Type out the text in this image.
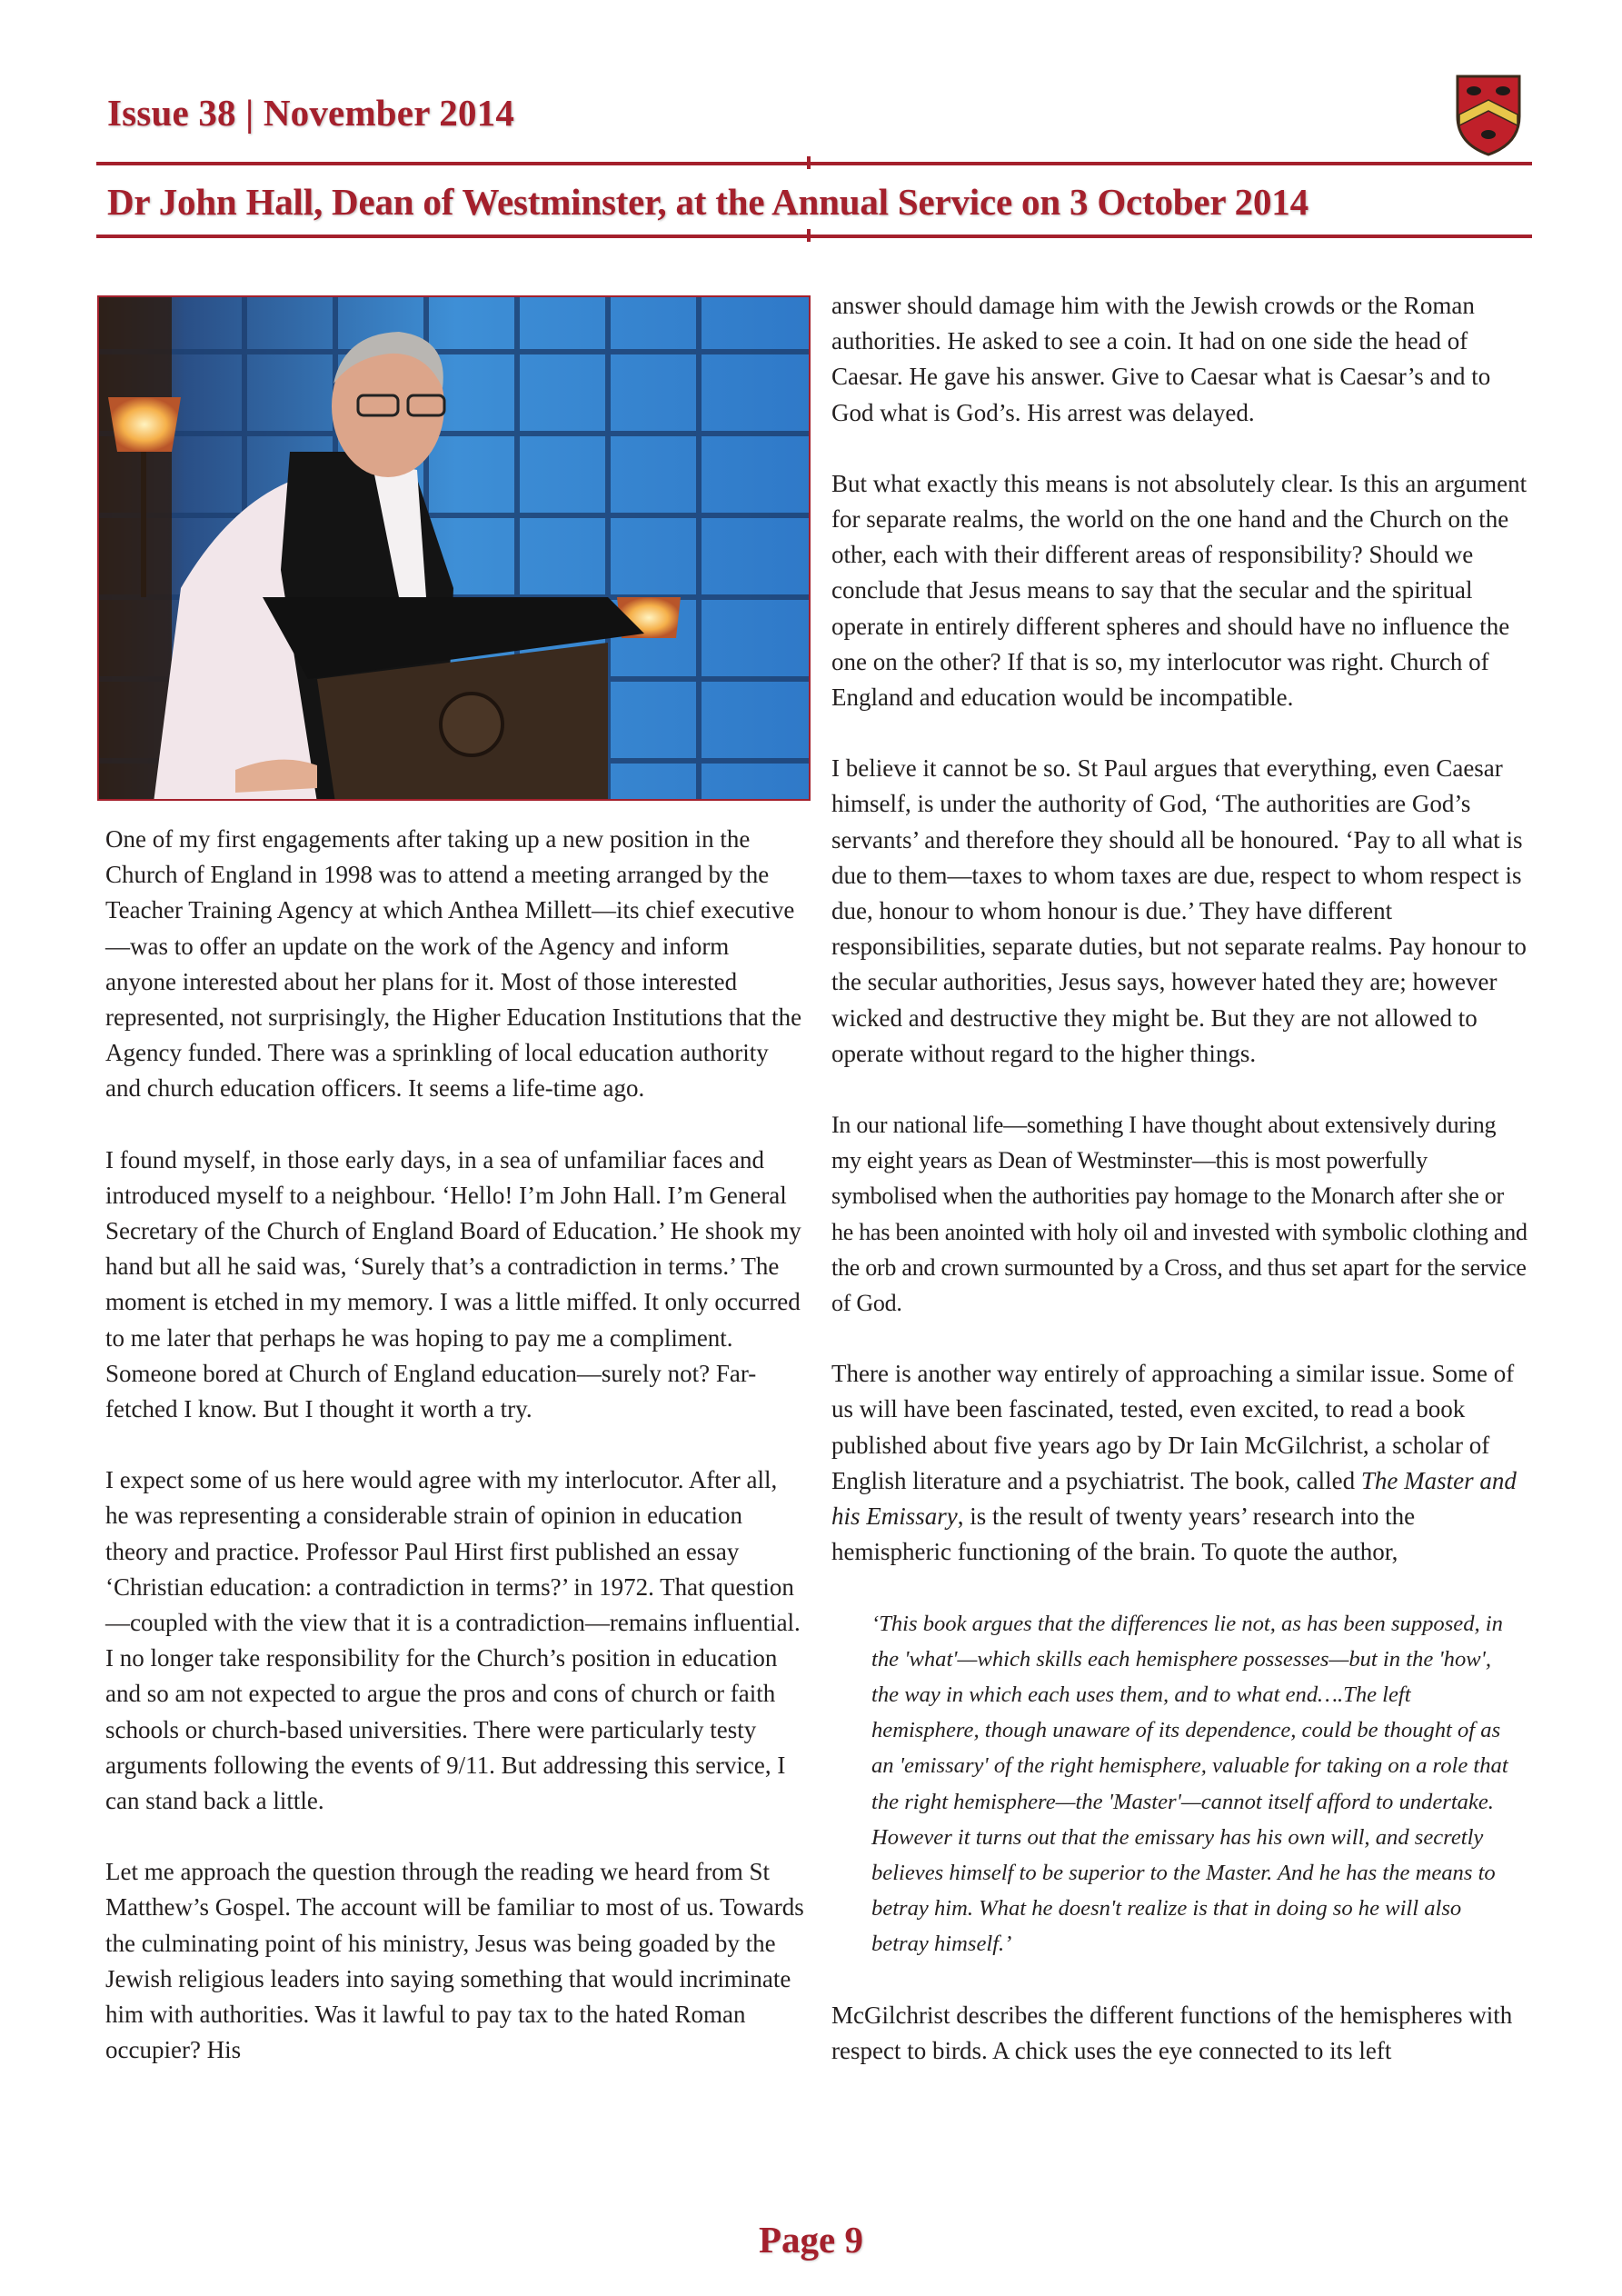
Issue 38 | November 2014
Dr John Hall, Dean of Westminster, at the Annual Service on 3 October 2014

One of my first engagements after taking up a new position in the Church of England in 1998 was to attend a meeting arranged by the Teacher Training Agency at which Anthea Millett—its chief executive—was to offer an update on the work of the Agency and inform anyone interested about her plans for it. Most of those interested represented, not surprisingly, the Higher Education Institutions that the Agency funded. There was a sprinkling of local education authority and church education officers. It seems a life-time ago.

I found myself, in those early days, in a sea of unfamiliar faces and introduced myself to a neighbour. ‘Hello! I’m John Hall. I’m General Secretary of the Church of England Board of Education.’ He shook my hand but all he said was, ‘Surely that’s a contradiction in terms.’ The moment is etched in my memory. I was a little miffed. It only occurred to me later that perhaps he was hoping to pay me a compliment. Someone bored at Church of England education—surely not? Far-fetched I know. But I thought it worth a try.

I expect some of us here would agree with my interlocutor. After all, he was representing a considerable strain of opinion in education theory and practice. Professor Paul Hirst first published an essay ‘Christian education: a contradiction in terms?’ in 1972. That question—coupled with the view that it is a contradiction—remains influential. I no longer take responsibility for the Church’s position in education and so am not expected to argue the pros and cons of church or faith schools or church-based universities. There were particularly testy arguments following the events of 9/11. But addressing this service, I can stand back a little.

Let me approach the question through the reading we heard from St Matthew’s Gospel. The account will be familiar to most of us. Towards the culminating point of his ministry, Jesus was being goaded by the Jewish religious leaders into saying something that would incriminate him with authorities. Was it lawful to pay tax to the hated Roman occupier? His

answer should damage him with the Jewish crowds or the Roman authorities. He asked to see a coin. It had on one side the head of Caesar. He gave his answer. Give to Caesar what is Caesar’s and to God what is God’s. His arrest was delayed.

But what exactly this means is not absolutely clear. Is this an argument for separate realms, the world on the one hand and the Church on the other, each with their different areas of responsibility? Should we conclude that Jesus means to say that the secular and the spiritual operate in entirely different spheres and should have no influence the one on the other? If that is so, my interlocutor was right. Church of England and education would be incompatible.

I believe it cannot be so. St Paul argues that everything, even Caesar himself, is under the authority of God, ‘The authorities are God’s servants’ and therefore they should all be honoured. ‘Pay to all what is due to them—taxes to whom taxes are due, respect to whom respect is due, honour to whom honour is due.’ They have different responsibilities, separate duties, but not separate realms. Pay honour to the secular authorities, Jesus says, however hated they are; however wicked and destructive they might be. But they are not allowed to operate without regard to the higher things.

In our national life—something I have thought about extensively during my eight years as Dean of Westminster—this is most powerfully symbolised when the authorities pay homage to the Monarch after she or he has been anointed with holy oil and invested with symbolic clothing and the orb and crown surmounted by a Cross, and thus set apart for the service of God.

There is another way entirely of approaching a similar issue. Some of us will have been fascinated, tested, even excited, to read a book published about five years ago by Dr Iain McGilchrist, a scholar of English literature and a psychiatrist. The book, called The Master and his Emissary, is the result of twenty years’ research into the hemispheric functioning of the brain. To quote the author,

‘This book argues that the differences lie not, as has been supposed, in the 'what'—which skills each hemisphere possesses—but in the 'how', the way in which each uses them, and to what end….The left hemisphere, though unaware of its dependence, could be thought of as an 'emissary' of the right hemisphere, valuable for taking on a role that the right hemisphere—the 'Master'—cannot itself afford to undertake. However it turns out that the emissary has his own will, and secretly believes himself to be superior to the Master. And he has the means to betray him. What he doesn't realize is that in doing so he will also betray himself.’

McGilchrist describes the different functions of the hemispheres with respect to birds. A chick uses the eye connected to its left

Page 9
